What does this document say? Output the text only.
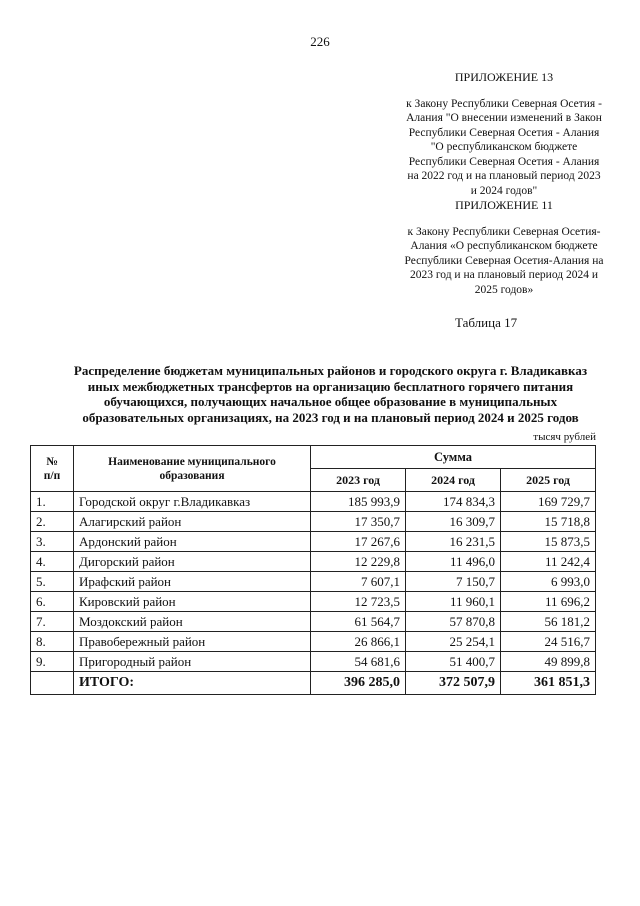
226
ПРИЛОЖЕНИЕ 13
к Закону Республики Северная Осетия -
Алания "О внесении изменений в Закон
Республики Северная Осетия - Алания
"О республиканском бюджете
Республики Северная Осетия - Алания
на 2022 год и на плановый период 2023
и 2024 годов"
ПРИЛОЖЕНИЕ 11
к Закону Республики Северная Осетия-
Алания «О республиканском бюджете
Республики Северная Осетия-Алания на
2023 год и на плановый период 2024 и
2025 годов»
Таблица 17
Распределение бюджетам муниципальных районов и городского округа г. Владикавказ
иных межбюджетных трансфертов на организацию бесплатного горячего питания
обучающихся, получающих начальное общее образование в муниципальных
образовательных организациях, на 2023 год и на плановый период 2024 и 2025 годов
тысяч рублей
№
п/п	Наименование муниципального образования	Сумма		
		2023 год	2024 год	2025 год
1.	Городской округ г.Владикавказ	185 993,9	174 834,3	169 729,7
2.	Алагирский район	17 350,7	16 309,7	15 718,8
3.	Ардонский район	17 267,6	16 231,5	15 873,5
4.	Дигорский район	12 229,8	11 496,0	11 242,4
5.	Ирафский район	7 607,1	7 150,7	6 993,0
6.	Кировский район	12 723,5	11 960,1	11 696,2
7.	Моздокский район	61 564,7	57 870,8	56 181,2
8.	Правобережный район	26 866,1	25 254,1	24 516,7
9.	Пригородный район	54 681,6	51 400,7	49 899,8
	ИТОГО:	396 285,0	372 507,9	361 851,3
